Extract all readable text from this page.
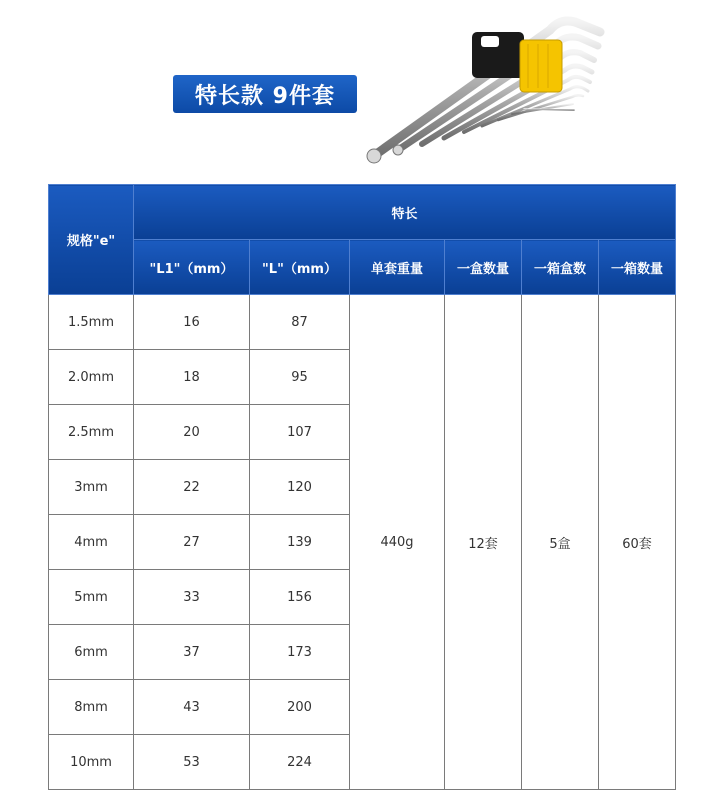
特长款 9件套
规格"e"	特长					
	"L1"（mm）	"L"（mm）	单套重量	一盒数量	一箱盒数	一箱数量
1.5mm	16	87	440g	12套	5盒	60套
2.0mm	18	95				
2.5mm	20	107				
3mm	22	120				
4mm	27	139				
5mm	33	156				
6mm	37	173				
8mm	43	200				
10mm	53	224				
